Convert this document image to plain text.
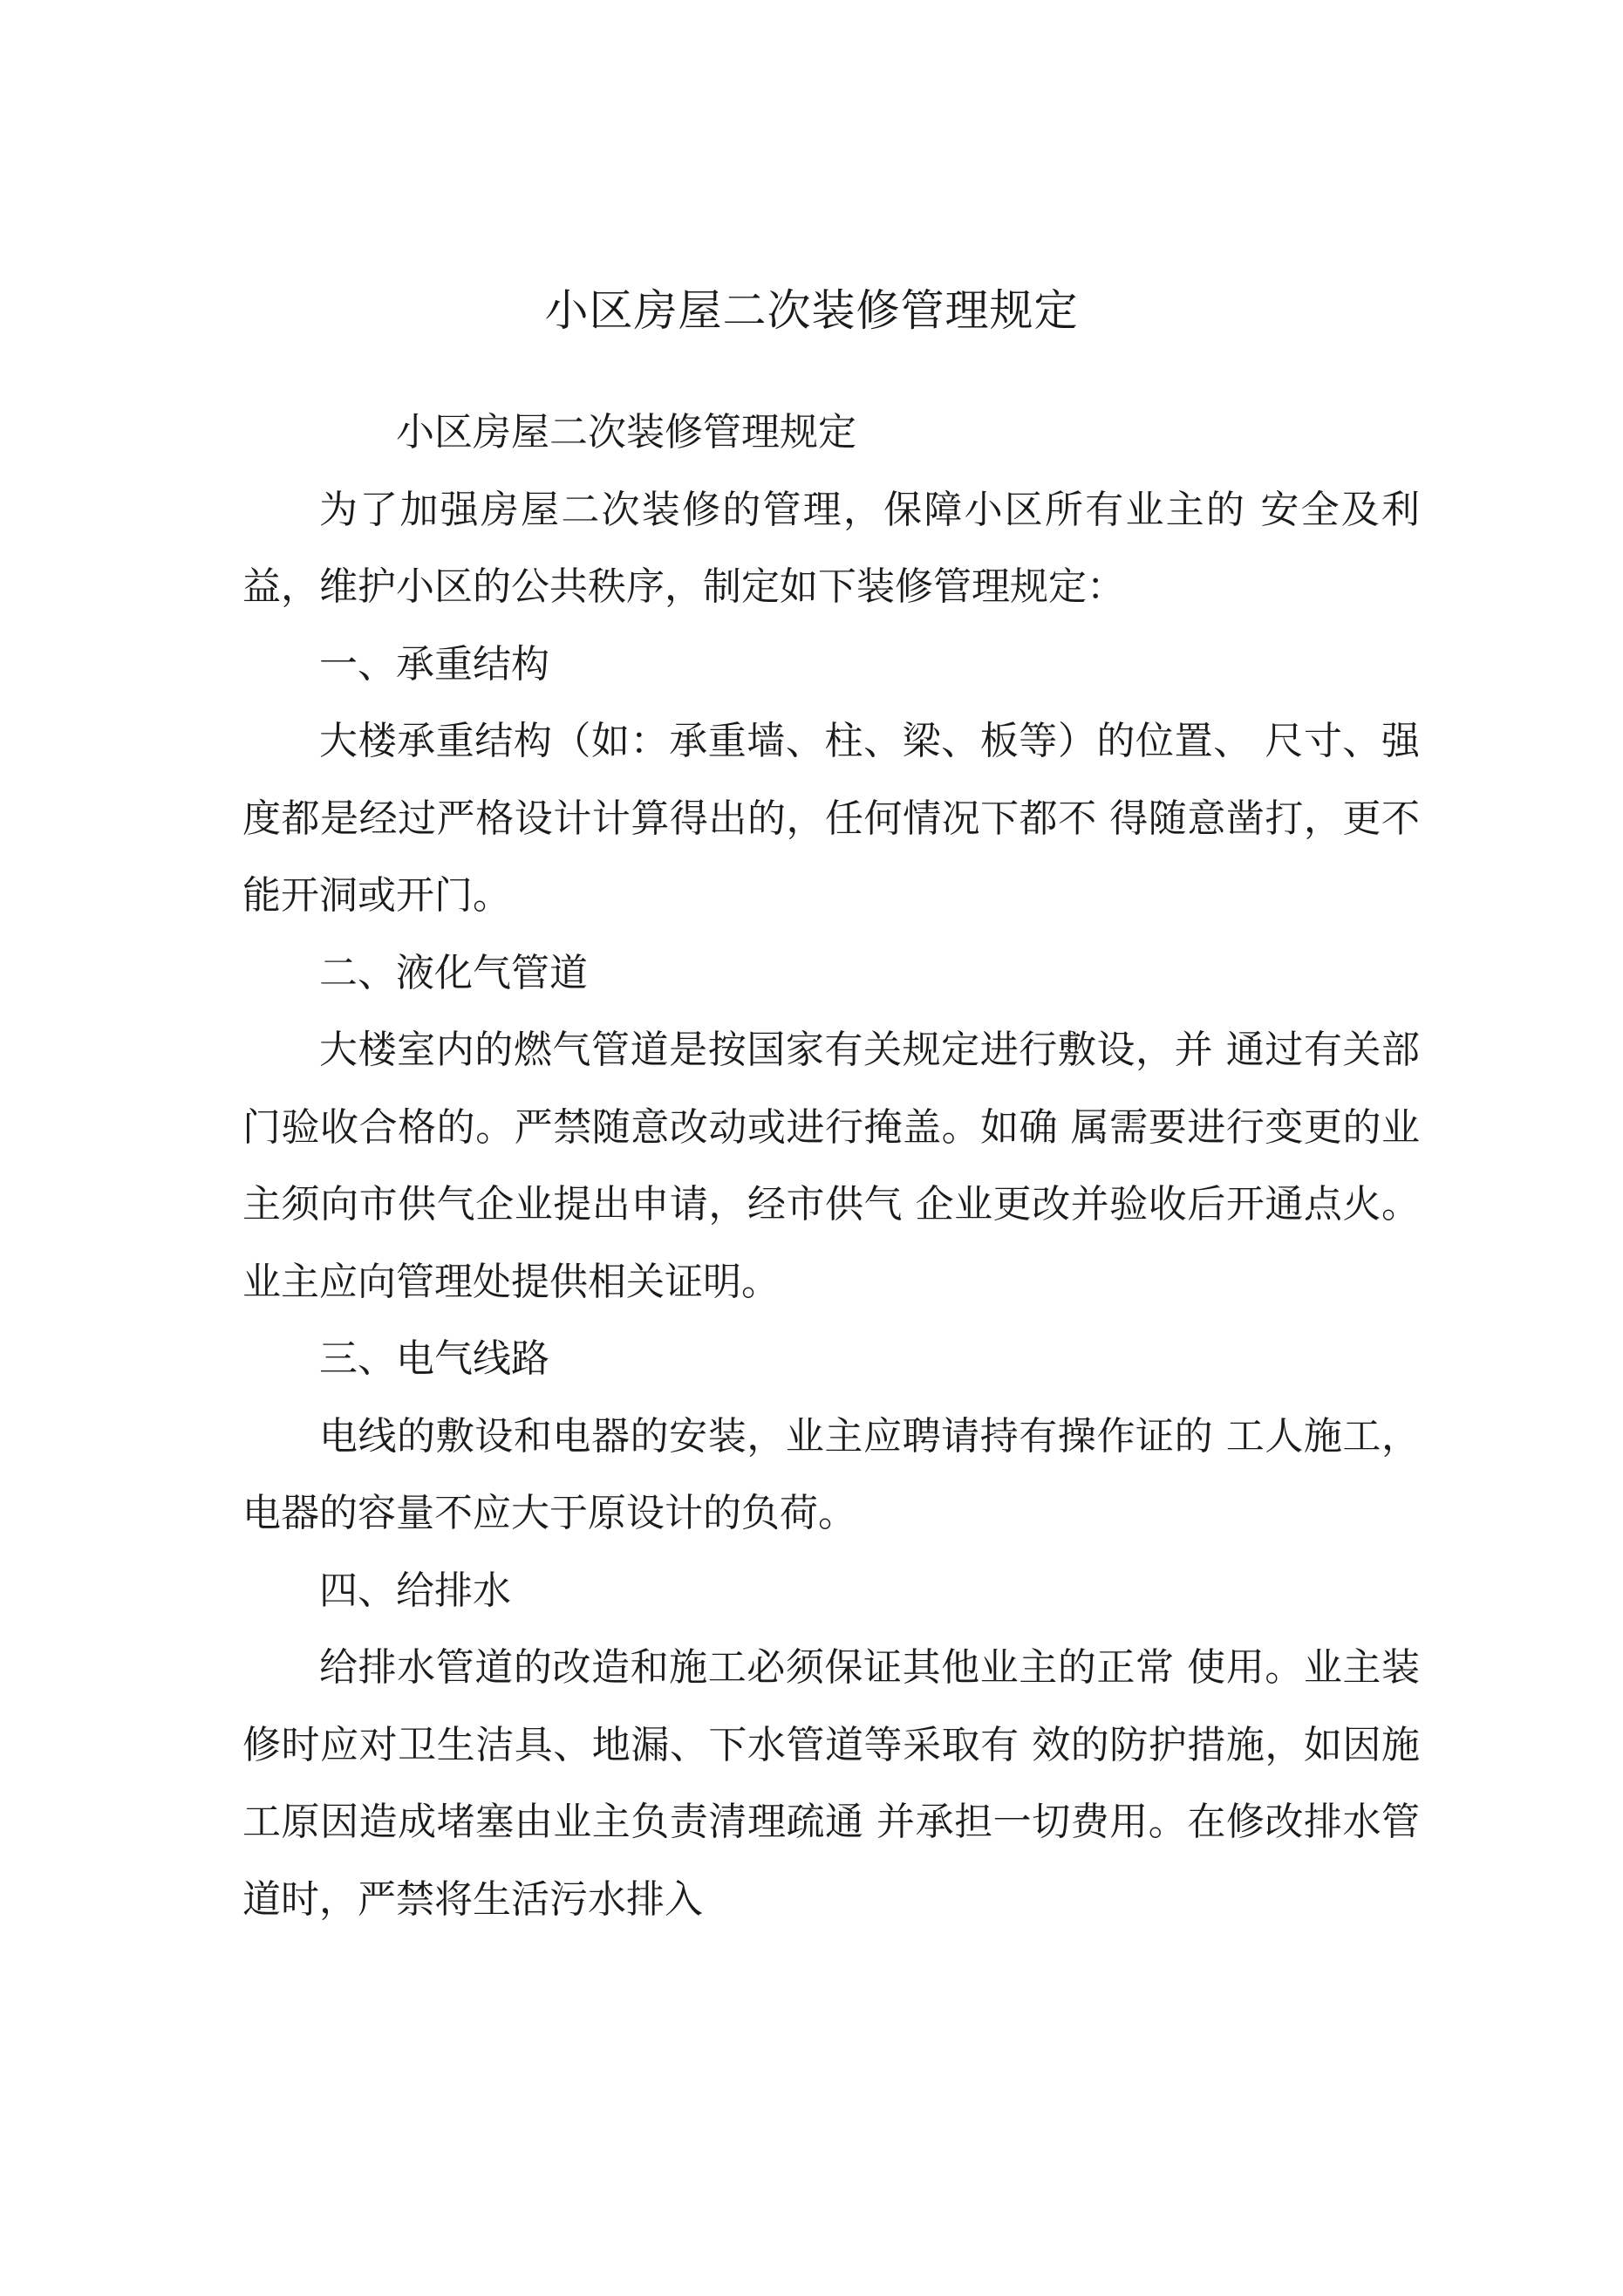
小区房屋二次装修管理规定

小区房屋二次装修管理规定

为了加强房屋二次装修的管理，保障小区所有业主的 安全及利益，维护小区的公共秩序，制定如下装修管理规定：

一、承重结构

大楼承重结构（如：承重墙、柱、梁、板等）的位置、 尺寸、强度都是经过严格设计计算得出的，任何情况下都不 得随意凿打，更不能开洞或开门。

二、液化气管道

大楼室内的燃气管道是按国家有关规定进行敷设，并 通过有关部门验收合格的。严禁随意改动或进行掩盖。如确 属需要进行变更的业主须向市供气企业提出申请，经市供气 企业更改并验收后开通点火。业主应向管理处提供相关证明。

三、电气线路

电线的敷设和电器的安装，业主应聘请持有操作证的 工人施工，电器的容量不应大于原设计的负荷。

四、给排水

给排水管道的改造和施工必须保证其他业主的正常 使用。业主装修时应对卫生洁具、地漏、下水管道等采取有 效的防护措施，如因施工原因造成堵塞由业主负责清理疏通 并承担一切费用。在修改排水管道时，严禁将生活污水排入
